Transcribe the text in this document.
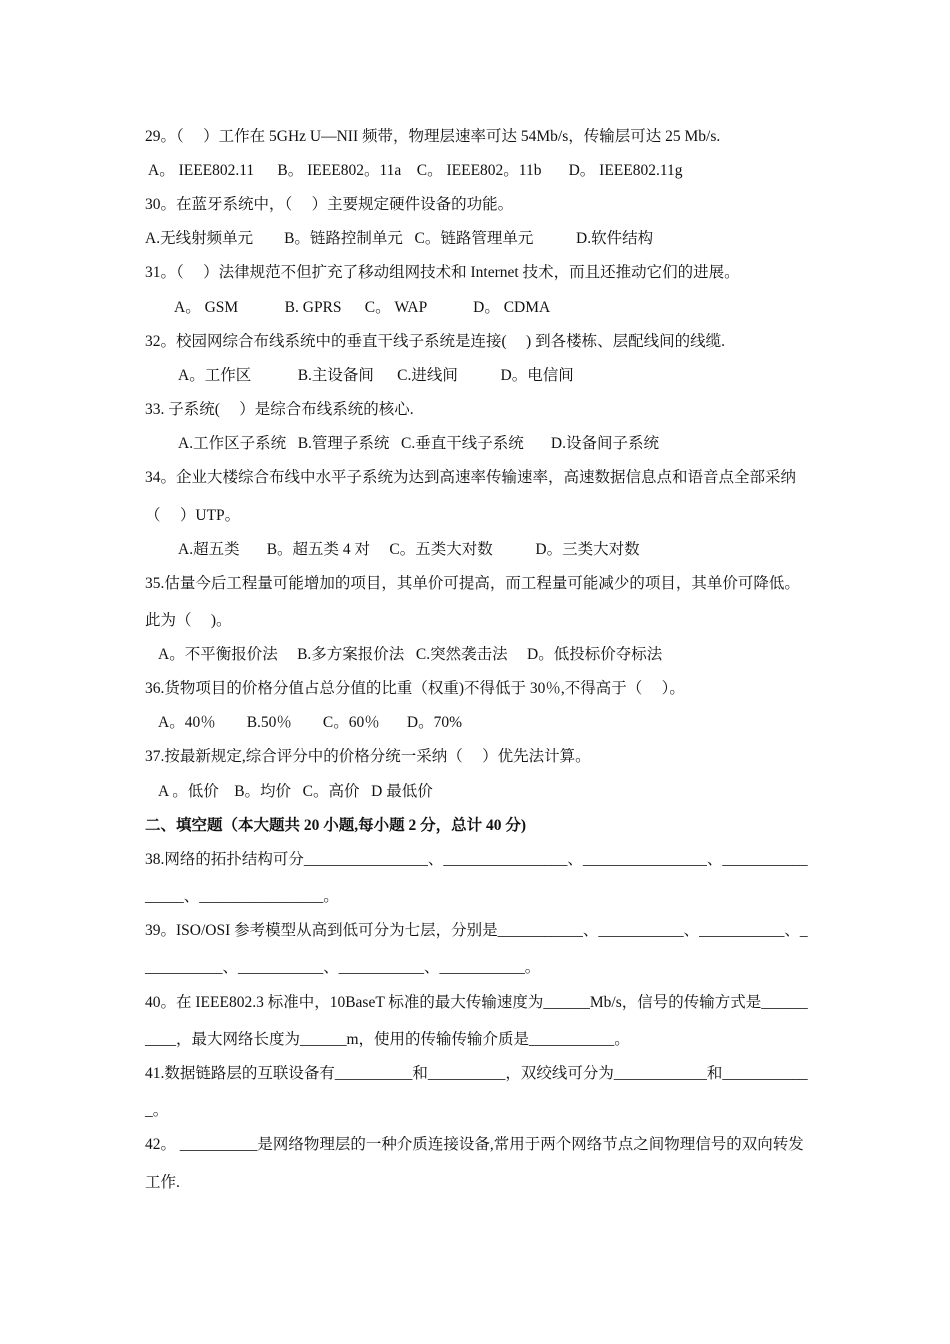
29。（　 ）工作在 5GHz U—NII 频带，物理层速率可达 54Mb/s，传输层可达 25 Mb/s.
A。 IEEE802.11　 B。 IEEE802。11a  C。 IEEE802。11b 　 D。 IEEE802.11g
30。在蓝牙系统中，（　 ）主要规定硬件设备的功能。
A.无线射频单元　　B。链路控制单元  C。链路管理单元　　  D.软件结构
31。（　 ）法律规范不但扩充了移动组网技术和 Internet 技术，而且还推动它们的进展。
A。 GSM　　　B. GPRS　 C。 WAP　　　D。 CDMA
32。校园网综合布线系统中的垂直干线子系统是连接(　 ) 到各楼栋、层配线间的线缆.
A。工作区　　　B.主设备间　 C.进线间　　  D。电信间
33. 子系统(　 ）是综合布线系统的核心.
A.工作区子系统  B.管理子系统  C.垂直干线子系统　  D.设备间子系统
34。企业大楼综合布线中水平子系统为达到高速率传输速率，高速数据信息点和语音点全部采纳
（　 ）UTP。
A.超五类　  B。超五类 4 对　 C。五类大对数　　  D。三类大对数
35.估量今后工程量可能增加的项目，其单价可提高，而工程量可能减少的项目，其单价可降低。
此为（　 )。
A。不平衡报价法　 B.多方案报价法  C.突然袭击法　 D。低投标价夺标法
36.货物项目的价格分值占总分值的比重（权重)不得低于 30％,不得高于（　 ）。
A。40％　　B.50％　　C。60％　  D。70%
37.按最新规定,综合评分中的价格分统一采纳（　 ）优先法计算。
A 。低价  B。均价  C。高价  D 最低价
二、填空题（本大题共 20 小题,每小题 2 分，总计 40 分)
38.网络的拓扑结构可分________________、________________、________________、___________
_____、________________。
39。ISO/OSI 参考模型从高到低可分为七层，分别是___________、___________、___________、_
__________、___________、___________、___________。
40。在 IEEE802.3 标准中，10BaseT 标准的最大传输速度为______Mb/s，信号的传输方式是______
____，最大网络长度为______m，使用的传输传输介质是___________。
41.数据链路层的互联设备有__________和__________，双绞线可分为____________和___________
_。
42。 __________是网络物理层的一种介质连接设备,常用于两个网络节点之间物理信号的双向转发
工作.
